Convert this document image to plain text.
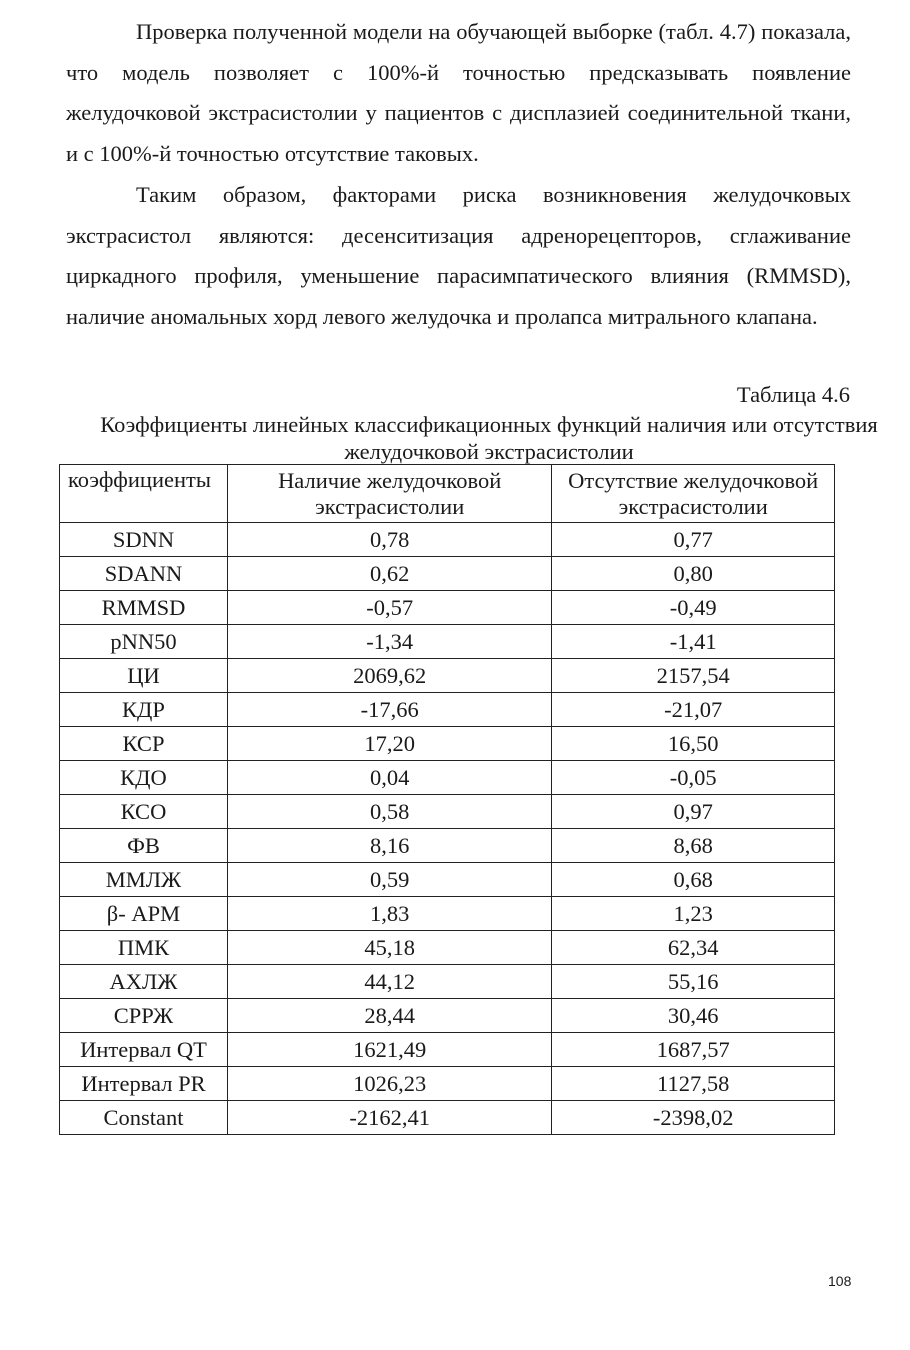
Проверка полученной модели на обучающей выборке (табл. 4.7) показала, что модель позволяет с 100%-й точностью предсказывать появление желудочковой экстрасистолии у пациентов с дисплазией соединительной ткани, и с 100%-й точностью отсутствие таковых.

Таким образом, факторами риска возникновения желудочковых экстрасистол являются: десенситизация адренорецепторов, сглаживание циркадного профиля, уменьшение парасимпатического влияния (RMMSD), наличие аномальных хорд левого желудочка и пролапса митрального клапана.

Таблица 4.6

Коэффициенты линейных классификационных функций наличия или отсутствия желудочковой экстрасистолии

коэффициенты	Наличие желудочковой экстрасистолии	Отсутствие желудочковой экстрасистолии
SDNN	0,78	0,77
SDANN	0,62	0,80
RMMSD	-0,57	-0,49
pNN50	-1,34	-1,41
ЦИ	2069,62	2157,54
КДР	-17,66	-21,07
КСР	17,20	16,50
КДО	0,04	-0,05
КСО	0,58	0,97
ФВ	8,16	8,68
ММЛЖ	0,59	0,68
β- АРМ	1,83	1,23
ПМК	45,18	62,34
АХЛЖ	44,12	55,16
СРРЖ	28,44	30,46
Интервал QT	1621,49	1687,57
Интервал PR	1026,23	1127,58
Constant	-2162,41	-2398,02

108
